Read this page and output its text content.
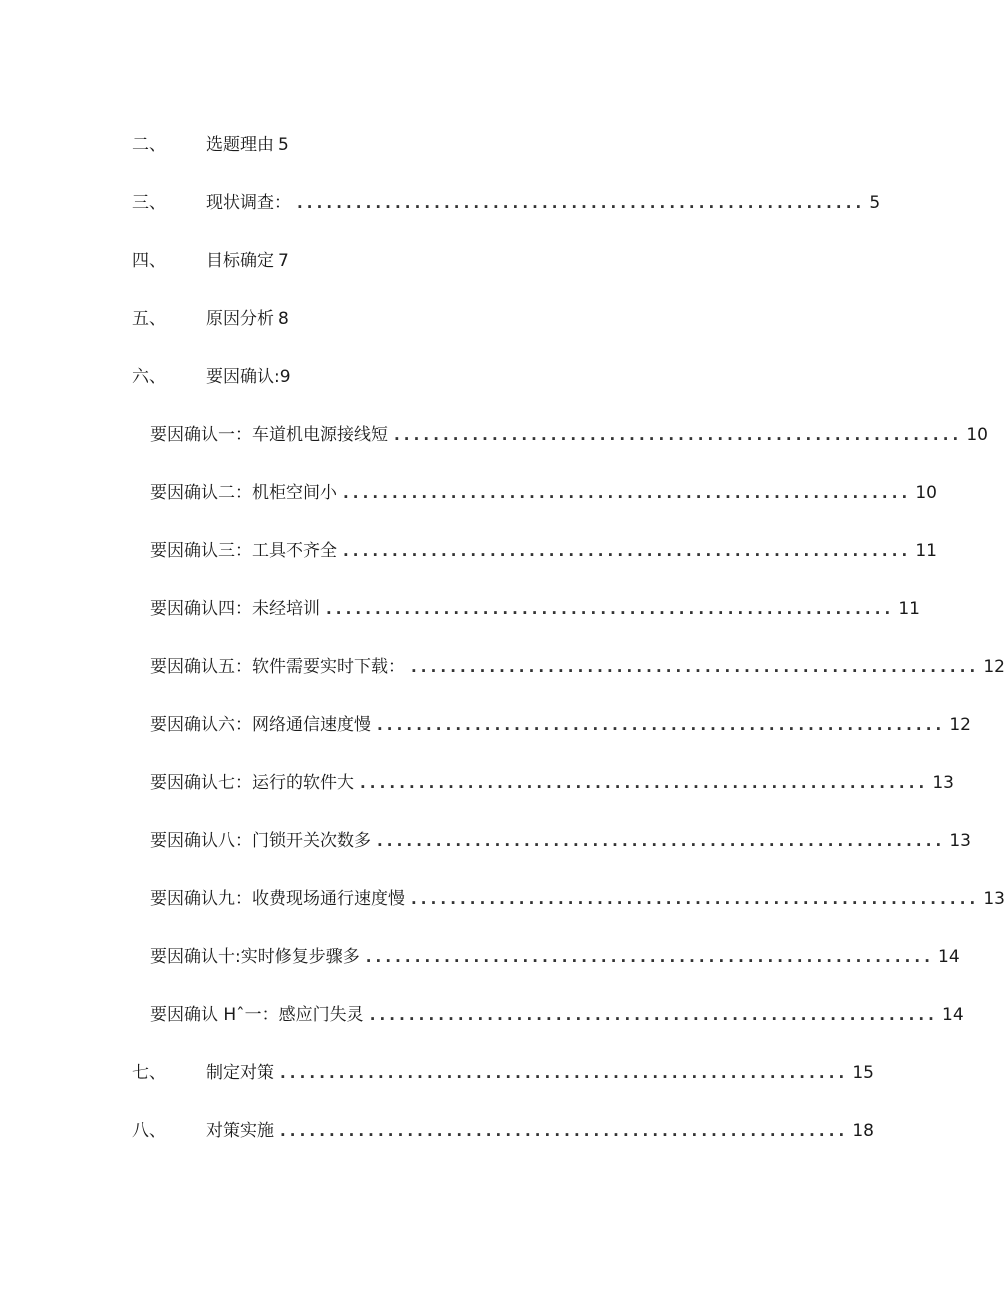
二、 选题理由 5
三、 现状调查： .......................................................... 5
四、 目标确定 7
五、 原因分析 8
六、 要因确认: 9
要因确认一：车道机电源接线短 .......................................................... 10
要因确认二：机柜空间小 .......................................................... 10
要因确认三：工具不齐全 .......................................................... 11
要因确认四：未经培训 .......................................................... 11
要因确认五：软件需要实时下载： .......................................................... 12
要因确认六：网络通信速度慢 .......................................................... 12
要因确认七：运行的软件大 .......................................................... 13
要因确认八：门锁开关次数多 .......................................................... 13
要因确认九：收费现场通行速度慢 .......................................................... 13
要因确认十:实时修复步骤多 .......................................................... 14
要因确认 Hˆ一：感应门失灵 .......................................................... 14
七、 制定对策 .......................................................... 15
八、 对策实施 .......................................................... 18
